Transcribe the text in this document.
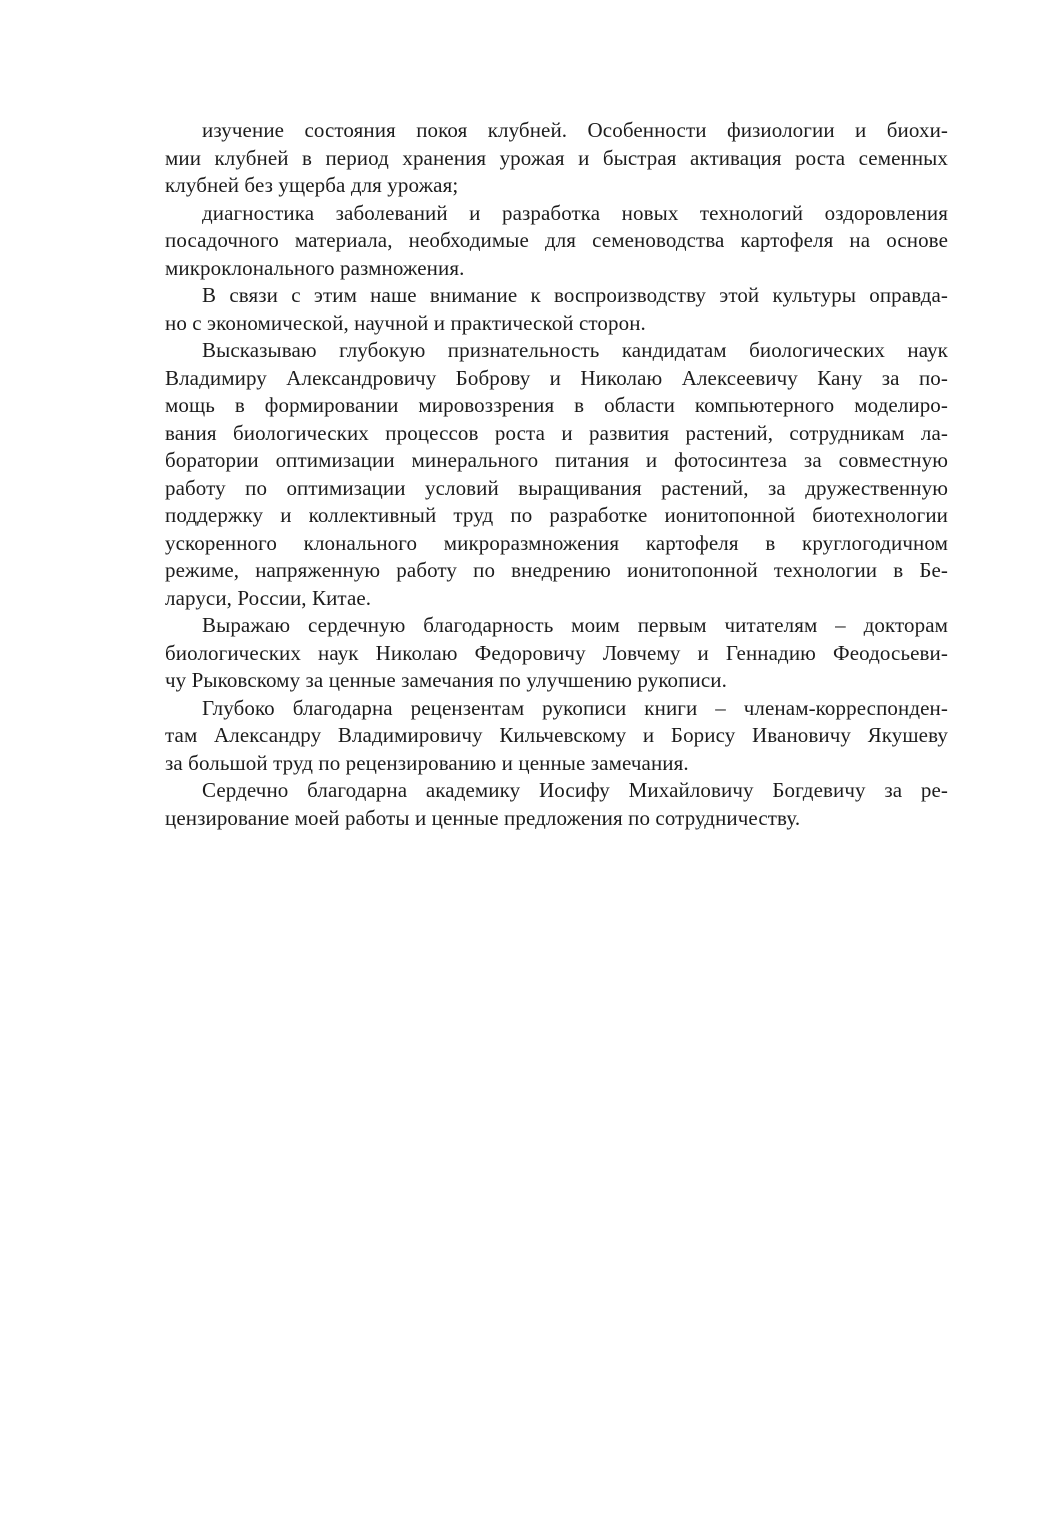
изучение состояния покоя клубней. Особенности физиологии и биохи-
мии клубней в период хранения урожая и быстрая активация роста семенных
клубней без ущерба для урожая;
диагностика заболеваний и разработка новых технологий оздоровления
посадочного материала, необходимые для семеноводства картофеля на основе
микроклонального размножения.
В связи с этим наше внимание к воспроизводству этой культуры оправда-
но с экономической, научной и практической сторон.
Высказываю глубокую признательность кандидатам биологических наук
Владимиру Александровичу Боброву и Николаю Алексеевичу Кану за по-
мощь в формировании мировоззрения в области компьютерного моделиро-
вания биологических процессов роста и развития растений, сотрудникам ла-
боратории оптимизации минерального питания и фотосинтеза за совместную
работу по оптимизации условий выращивания растений, за дружественную
поддержку и коллективный труд по разработке ионитопонной биотехнологии
ускоренного клонального микроразмножения картофеля в круглогодичном
режиме, напряженную работу по внедрению ионитопонной технологии в Бе-
ларуси, России, Китае.
Выражаю сердечную благодарность моим первым читателям – докторам
биологических наук Николаю Федоровичу Ловчему и Геннадию Феодосьеви-
чу Рыковскому за ценные замечания по улучшению рукописи.
Глубоко благодарна рецензентам рукописи книги – членам-корреспонден-
там Александру Владимировичу Кильчевскому и Борису Ивановичу Якушеву
за большой труд по рецензированию и ценные замечания.
Сердечно благодарна академику Иосифу Михайловичу Богдевичу за ре-
цензирование моей работы и ценные предложения по сотрудничеству.
